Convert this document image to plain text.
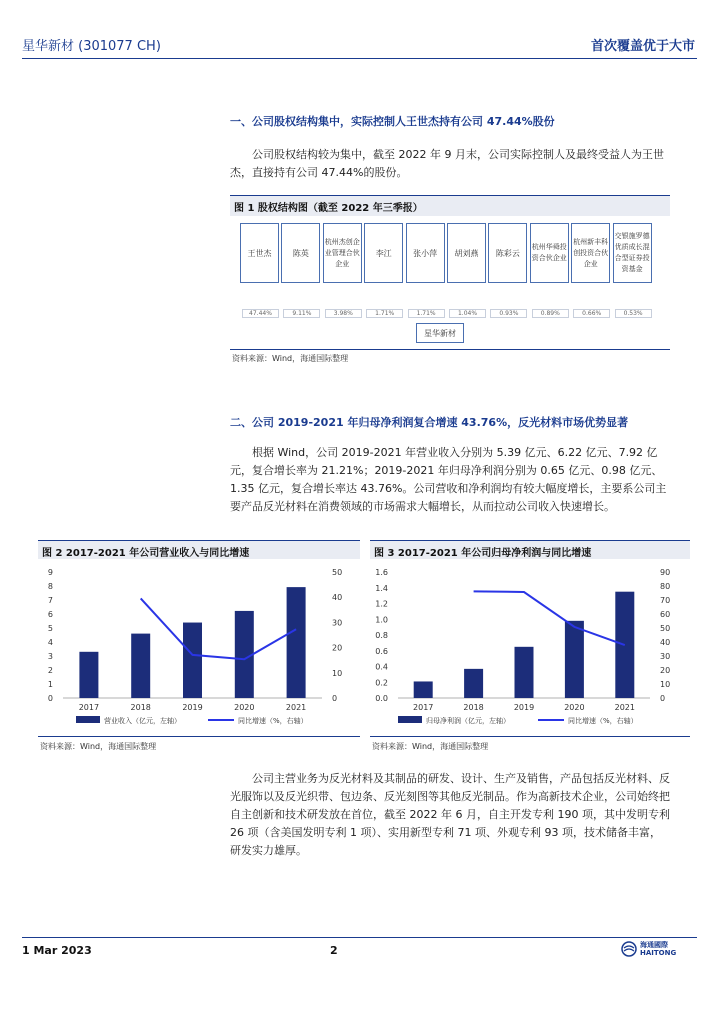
星华新材 (301077 CH)	首次覆盖优于大市
一、公司股权结构集中，实际控制人王世杰持有公司 47.44%股份
公司股权结构较为集中，截至 2022 年 9 月末，公司实际控制人及最终受益人为王世杰，直接持有公司 47.44%的股份。
图 1 股权结构图（截至 2022 年三季报）
王世杰
47.44%
陈英
9.11%
杭州杰创企业管理合伙企业
3.98%
李江
1.71%
张小萍
1.71%
胡刘燕
1.04%
陈彩云
0.93%
杭州华舜投资合伙企业
0.89%
杭州新丰科创投资合伙企业
0.66%
交银施罗德优质成长混合型证券投资基金
0.53%
星华新材
资料来源：Wind，海通国际整理
二、公司 2019-2021 年归母净利润复合增速 43.76%，反光材料市场优势显著
根据 Wind，公司 2019-2021 年营业收入分别为 5.39 亿元、6.22 亿元、7.92 亿元，复合增长率为 21.21%；2019-2021 年归母净利润分别为 0.65 亿元、0.98 亿元、1.35 亿元，复合增长率达 43.76%。公司营收和净利润均有较大幅度增长，主要系公司主要产品反光材料在消费领域的市场需求大幅增长，从而拉动公司收入快速增长。
图 2 2017-2021 年公司营业收入与同比增速
0
1
2
3
4
5
6
7
8
9
0
10
20
30
40
50
2017	2018	2019	2020	2021
营业收入（亿元，左轴）	同比增速（%，右轴）
资料来源：Wind，海通国际整理
图 3 2017-2021 年公司归母净利润与同比增速
0.0
0.2
0.4
0.6
0.8
1.0
1.2
1.4
1.6
0
10
20
30
40
50
60
70
80
90
2017	2018	2019	2020	2021
归母净利润（亿元，左轴）	同比增速（%，右轴）
资料来源：Wind，海通国际整理
公司主营业务为反光材料及其制品的研发、设计、生产及销售，产品包括反光材料、反光服饰以及反光织带、包边条、反光刻图等其他反光制品。作为高新技术企业，公司始终把自主创新和技术研发放在首位，截至 2022 年 6 月，自主开发专利 190 项，其中发明专利 26 项（含美国发明专利 1 项）、实用新型专利 71 项、外观专利 93 项，技术储备丰富，研发实力雄厚。
1 Mar 2023	2	海通國際
HAITONG
